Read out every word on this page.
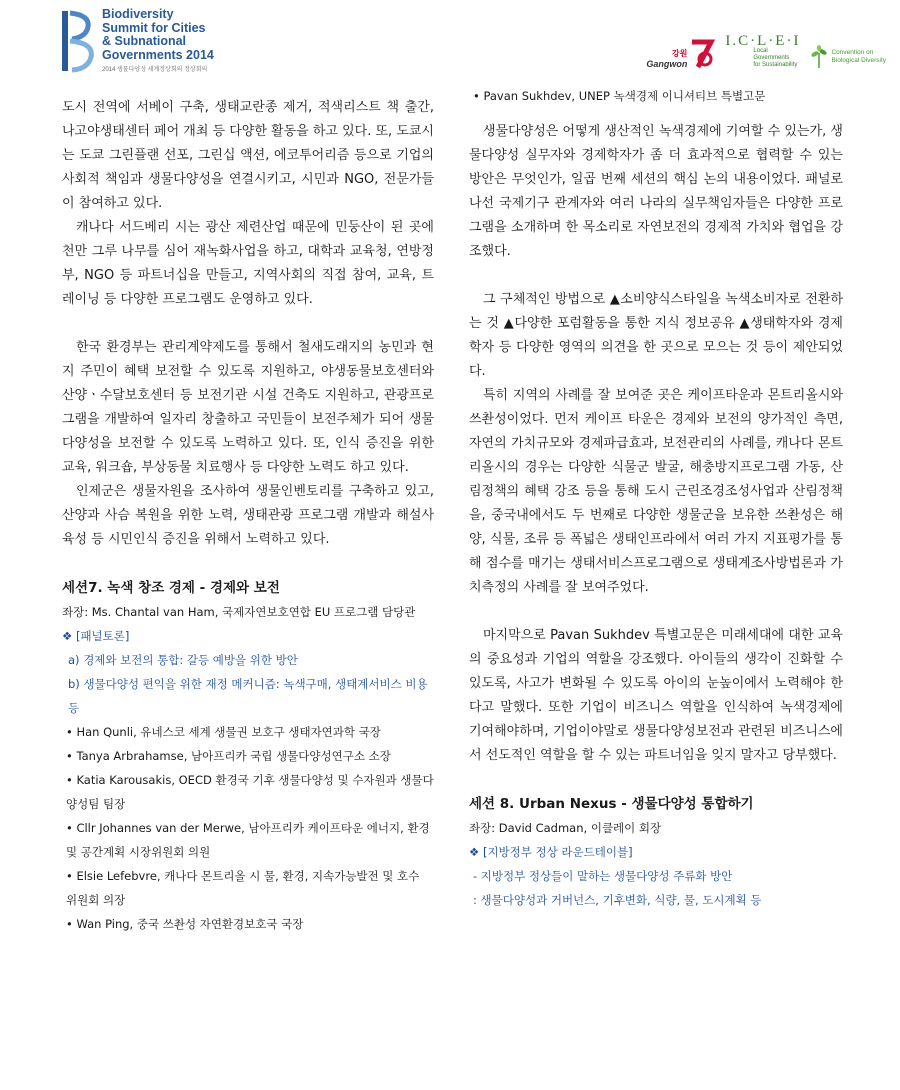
Biodiversity
Summit for Cities
& Subnational
Governments 2014
2014 생물다양성 세계정상회의 정상회의
강원
Gangwon
I.C·L·E·I
Local
Governments
for Sustainability
Convention on
Biological Diversity

도시 전역에 서베이 구축, 생태교란종 제거, 적색리스트 책 출간, 나고야생태센터 페어 개최 등 다양한 활동을 하고 있다. 또, 도쿄시는 도쿄 그린플랜 선포, 그린십 액션, 에코투어리즘 등으로 기업의 사회적 책임과 생물다양성을 연결시키고, 시민과 NGO, 전문가들이 참여하고 있다.

캐나다 서드베리 시는 광산 제련산업 때문에 민둥산이 된 곳에 천만 그루 나무를 심어 재녹화사업을 하고, 대학과 교육청, 연방정부, NGO 등 파트너십을 만들고, 지역사회의 직접 참여, 교육, 트레이닝 등 다양한 프로그램도 운영하고 있다.

한국 환경부는 관리계약제도를 통해서 철새도래지의 농민과 현지 주민이 혜택 보전할 수 있도록 지원하고, 야생동물보호센터와 산양ㆍ수달보호센터 등 보전기관 시설 건축도 지원하고, 관광프로그램을 개발하여 일자리 창출하고 국민들이 보전주체가 되어 생물다양성을 보전할 수 있도록 노력하고 있다. 또, 인식 증진을 위한 교육, 워크숍, 부상동물 치료행사 등 다양한 노력도 하고 있다.

인제군은 생물자원을 조사하여 생물인벤토리를 구축하고 있고, 산양과 사슴 복원을 위한 노력, 생태관광 프로그램 개발과 해설사 육성 등 시민인식 증진을 위해서 노력하고 있다.

세션7. 녹색 창조 경제 - 경제와 보전

좌장: Ms. Chantal van Ham, 국제자연보호연합 EU 프로그램 담당관

❖ [패널토론]

a) 경제와 보전의 통합: 갈등 예방을 위한 방안

b) 생물다양성 편익을 위한 재정 메커니즘: 녹색구매, 생태계서비스 비용 등

• Han Qunli, 유네스코 세계 생물권 보호구 생태자연과학 국장

• Tanya Arbrahamse, 남아프리카 국립 생물다양성연구소 소장

• Katia Karousakis, OECD 환경국 기후 생물다양성 및 수자원과 생물다양성팀 팀장

• Cllr Johannes van der Merwe, 남아프리카 케이프타운 에너지, 환경 및 공간계획 시장위원회 의원

• Elsie Lefebvre, 캐나다 몬트리올 시 물, 환경, 지속가능발전 및 호수 위원회 의장

• Wan Ping, 중국 쓰촨성 자연환경보호국 국장

• Pavan Sukhdev, UNEP 녹색경제 이니셔티브 특별고문

생물다양성은 어떻게 생산적인 녹색경제에 기여할 수 있는가, 생물다양성 실무자와 경제학자가 좀 더 효과적으로 협력할 수 있는 방안은 무엇인가, 일곱 번째 세션의 핵심 논의 내용이었다. 패널로 나선 국제기구 관계자와 여러 나라의 실무책임자들은 다양한 프로그램을 소개하며 한 목소리로 자연보전의 경제적 가치와 협업을 강조했다.

그 구체적인 방법으로 ▲소비양식스타일을 녹색소비자로 전환하는 것 ▲다양한 포럼활동을 통한 지식 정보공유 ▲생태학자와 경제학자 등 다양한 영역의 의견을 한 곳으로 모으는 것 등이 제안되었다.

특히 지역의 사례를 잘 보여준 곳은 케이프타운과 몬트리올시와 쓰촨성이었다. 먼저 케이프 타운은 경제와 보전의 양가적인 측면, 자연의 가치규모와 경제파급효과, 보전관리의 사례를, 캐나다 몬트리올시의 경우는 다양한 식물군 발굴, 해충방지프로그램 가동, 산림정책의 혜택 강조 등을 통해 도시 근린조경조성사업과 산림정책을, 중국내에서도 두 번째로 다양한 생물군을 보유한 쓰촨성은 해양, 식물, 조류 등 폭넓은 생태인프라에서 여러 가지 지표평가를 통해 점수를 매기는 생태서비스프로그램으로 생태계조사방법론과 가치측정의 사례를 잘 보여주었다.

마지막으로 Pavan Sukhdev 특별고문은 미래세대에 대한 교육의 중요성과 기업의 역할을 강조했다. 아이들의 생각이 진화할 수 있도록, 사고가 변화될 수 있도록 아이의 눈높이에서 노력해야 한다고 말했다. 또한 기업이 비즈니스 역할을 인식하여 녹색경제에 기여해야하며, 기업이야말로 생물다양성보전과 관련된 비즈니스에서 선도적인 역할을 할 수 있는 파트너임을 잊지 말자고 당부했다.

세션 8. Urban Nexus - 생물다양성 통합하기

좌장: David Cadman, 이클레이 회장

❖ [지방정부 정상 라운드테이블]

- 지방정부 정상들이 말하는 생물다양성 주류화 방안

: 생물다양성과 거버넌스, 기후변화, 식량, 물, 도시계획 등
